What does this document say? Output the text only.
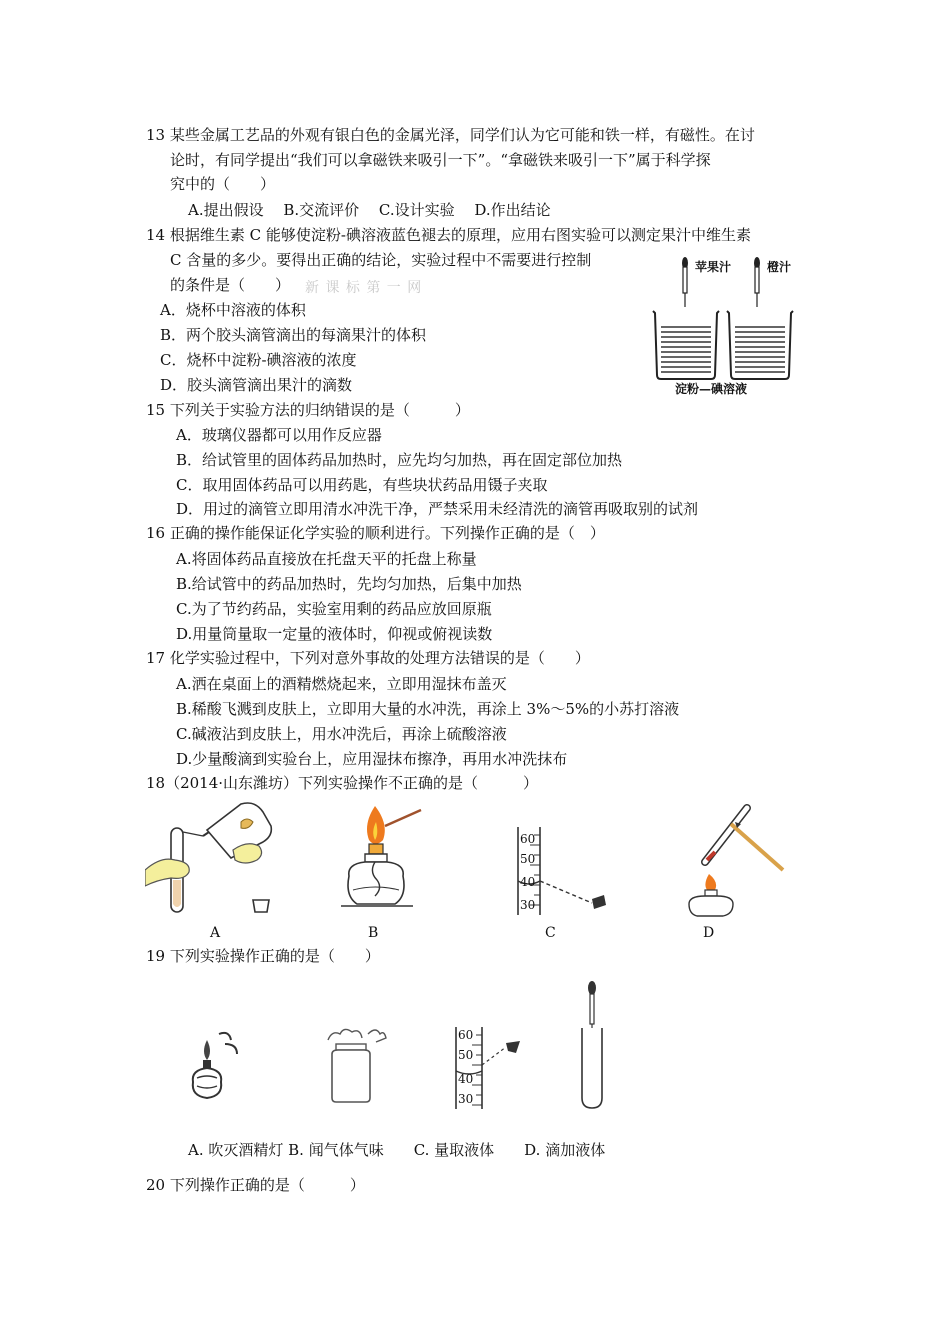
13 某些金属工艺品的外观有银白色的金属光泽，同学们认为它可能和铁一样，有磁性。在讨
论时，有同学提出“我们可以拿磁铁来吸引一下”。“拿磁铁来吸引一下”属于科学探
究中的（　　）
A.提出假设　 B.交流评价　 C.设计实验　 D.作出结论
14 根据维生素 C 能够使淀粉-碘溶液蓝色褪去的原理，应用右图实验可以测定果汁中维生素
C 含量的多少。要得出正确的结论，实验过程中不需要进行控制
的条件是（　　） 新 课 标 第 一 网
A．烧杯中溶液的体积
B．两个胶头滴管滴出的每滴果汁的体积
C．烧杯中淀粉-碘溶液的浓度
D．胶头滴管滴出果汁的滴数
苹果汁	橙汁
淀粉—碘溶液
15 下列关于实验方法的归纳错误的是（　　　）
A．玻璃仪器都可以用作反应器
B．给试管里的固体药品加热时，应先均匀加热，再在固定部位加热
C．取用固体药品可以用药匙，有些块状药品用镊子夹取
D．用过的滴管立即用清水冲洗干净，严禁采用未经清洗的滴管再吸取别的试剂
16 正确的操作能保证化学实验的顺利进行。下列操作正确的是（　）
A.将固体药品直接放在托盘天平的托盘上称量
B.给试管中的药品加热时，先均匀加热，后集中加热
C.为了节约药品，实验室用剩的药品应放回原瓶
D.用量筒量取一定量的液体时，仰视或俯视读数
17 化学实验过程中，下列对意外事故的处理方法错误的是（　　）
A.洒在桌面上的酒精燃烧起来，立即用湿抹布盖灭
B.稀酸飞溅到皮肤上，立即用大量的水冲洗，再涂上 3%～5%的小苏打溶液
C.碱液沾到皮肤上，用水冲洗后，再涂上硫酸溶液
D.少量酸滴到实验台上，应用湿抹布擦净，再用水冲洗抹布
18（2014·山东潍坊）下列实验操作不正确的是（　　　）
A	B
60
50
40
30
C	D
19 下列实验操作正确的是（　　）
60
50
40
30
A. 吹灭酒精灯 B. 闻气体气味　　C. 量取液体　　D. 滴加液体
20 下列操作正确的是（　　　）
